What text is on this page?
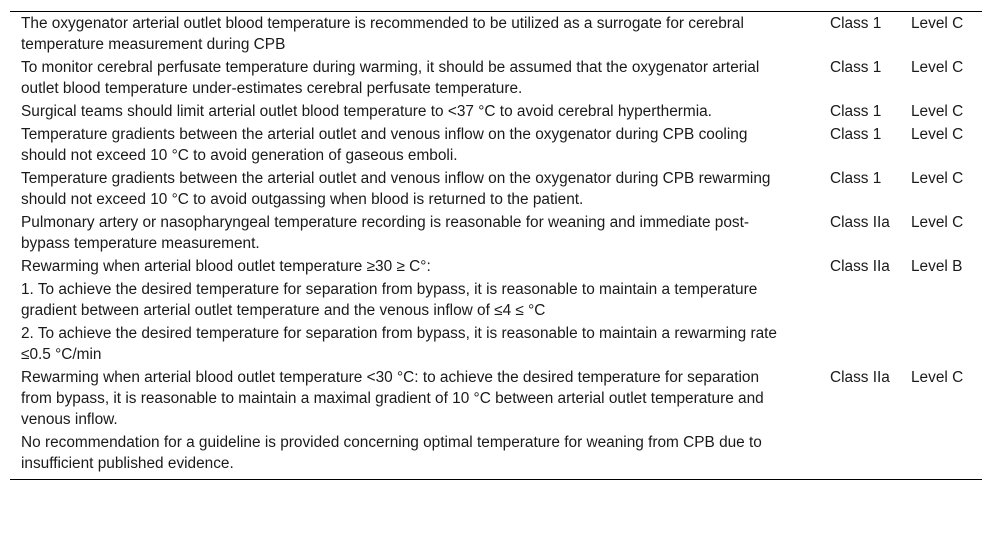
The oxygenator arterial outlet blood temperature is recommended to be utilized as a surrogate for cerebral temperature measurement during CPB	Class 1	Level C
To monitor cerebral perfusate temperature during warming, it should be assumed that the oxygenator arterial outlet blood temperature under-estimates cerebral perfusate temperature.	Class 1	Level C
Surgical teams should limit arterial outlet blood temperature to <37 °C to avoid cerebral hyperthermia.	Class 1	Level C
Temperature gradients between the arterial outlet and venous inflow on the oxygenator during CPB cooling should not exceed 10 °C to avoid generation of gaseous emboli.	Class 1	Level C
Temperature gradients between the arterial outlet and venous inflow on the oxygenator during CPB rewarming should not exceed 10 °C to avoid outgassing when blood is returned to the patient.	Class 1	Level C
Pulmonary artery or nasopharyngeal temperature recording is reasonable for weaning and immediate post-bypass temperature measurement.	Class IIa	Level C
Rewarming when arterial blood outlet temperature ≥30 ≥ C°:	Class IIa	Level B
1. To achieve the desired temperature for separation from bypass, it is reasonable to maintain a temperature gradient between arterial outlet temperature and the venous inflow of ≤4 ≤ °C		
2. To achieve the desired temperature for separation from bypass, it is reasonable to maintain a rewarming rate ≤0.5 °C/min		
Rewarming when arterial blood outlet temperature <30 °C: to achieve the desired temperature for separation from bypass, it is reasonable to maintain a maximal gradient of 10 °C between arterial outlet temperature and venous inflow.	Class IIa	Level C
No recommendation for a guideline is provided concerning optimal temperature for weaning from CPB due to insufficient published evidence.		
